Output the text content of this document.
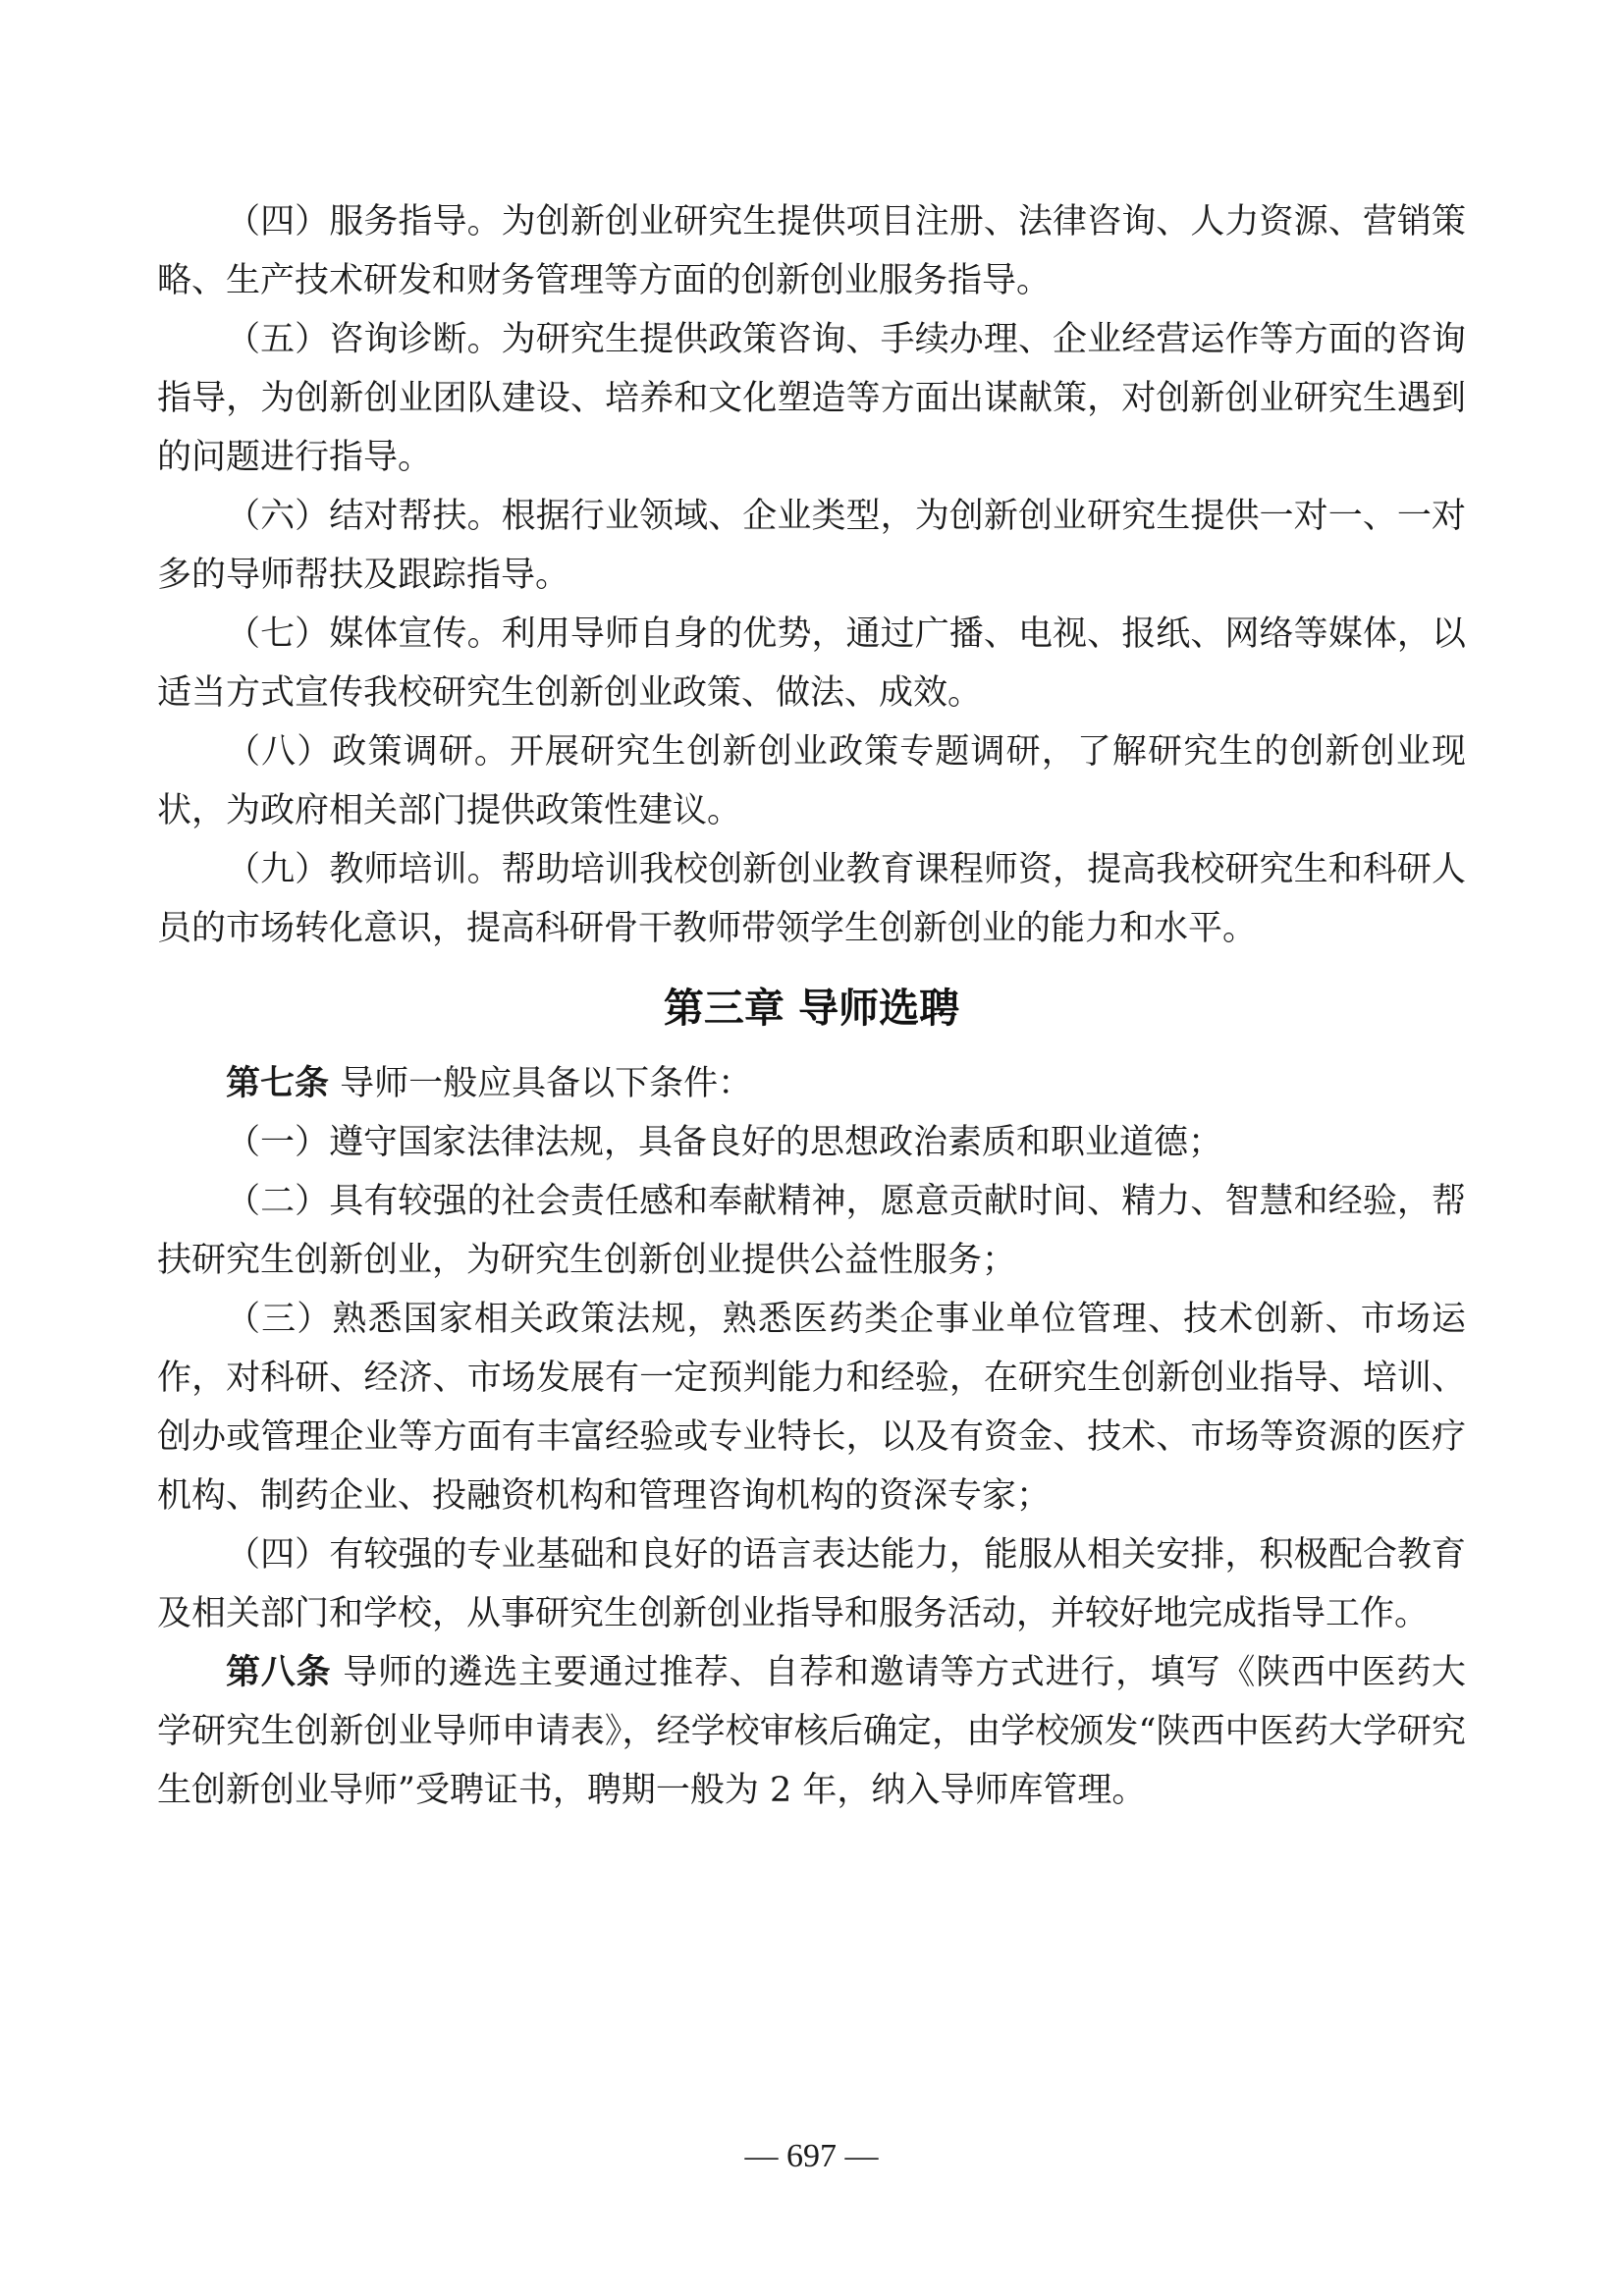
（四）服务指导。为创新创业研究生提供项目注册、法律咨询、人力资源、营销策略、生产技术研发和财务管理等方面的创新创业服务指导。

（五）咨询诊断。为研究生提供政策咨询、手续办理、企业经营运作等方面的咨询指导，为创新创业团队建设、培养和文化塑造等方面出谋献策，对创新创业研究生遇到的问题进行指导。

（六）结对帮扶。根据行业领域、企业类型，为创新创业研究生提供一对一、一对多的导师帮扶及跟踪指导。

（七）媒体宣传。利用导师自身的优势，通过广播、电视、报纸、网络等媒体，以适当方式宣传我校研究生创新创业政策、做法、成效。

（八）政策调研。开展研究生创新创业政策专题调研，了解研究生的创新创业现状，为政府相关部门提供政策性建议。

（九）教师培训。帮助培训我校创新创业教育课程师资，提高我校研究生和科研人员的市场转化意识，提高科研骨干教师带领学生创新创业的能力和水平。

第三章 导师选聘

第七条 导师一般应具备以下条件：

（一）遵守国家法律法规，具备良好的思想政治素质和职业道德；

（二）具有较强的社会责任感和奉献精神，愿意贡献时间、精力、智慧和经验，帮扶研究生创新创业，为研究生创新创业提供公益性服务；

（三）熟悉国家相关政策法规，熟悉医药类企事业单位管理、技术创新、市场运作，对科研、经济、市场发展有一定预判能力和经验，在研究生创新创业指导、培训、创办或管理企业等方面有丰富经验或专业特长，以及有资金、技术、市场等资源的医疗机构、制药企业、投融资机构和管理咨询机构的资深专家；

（四）有较强的专业基础和良好的语言表达能力，能服从相关安排，积极配合教育及相关部门和学校，从事研究生创新创业指导和服务活动，并较好地完成指导工作。

第八条 导师的遴选主要通过推荐、自荐和邀请等方式进行，填写《陕西中医药大学研究生创新创业导师申请表》，经学校审核后确定，由学校颁发“陕西中医药大学研究生创新创业导师”受聘证书，聘期一般为 2 年，纳入导师库管理。

— 697 —
